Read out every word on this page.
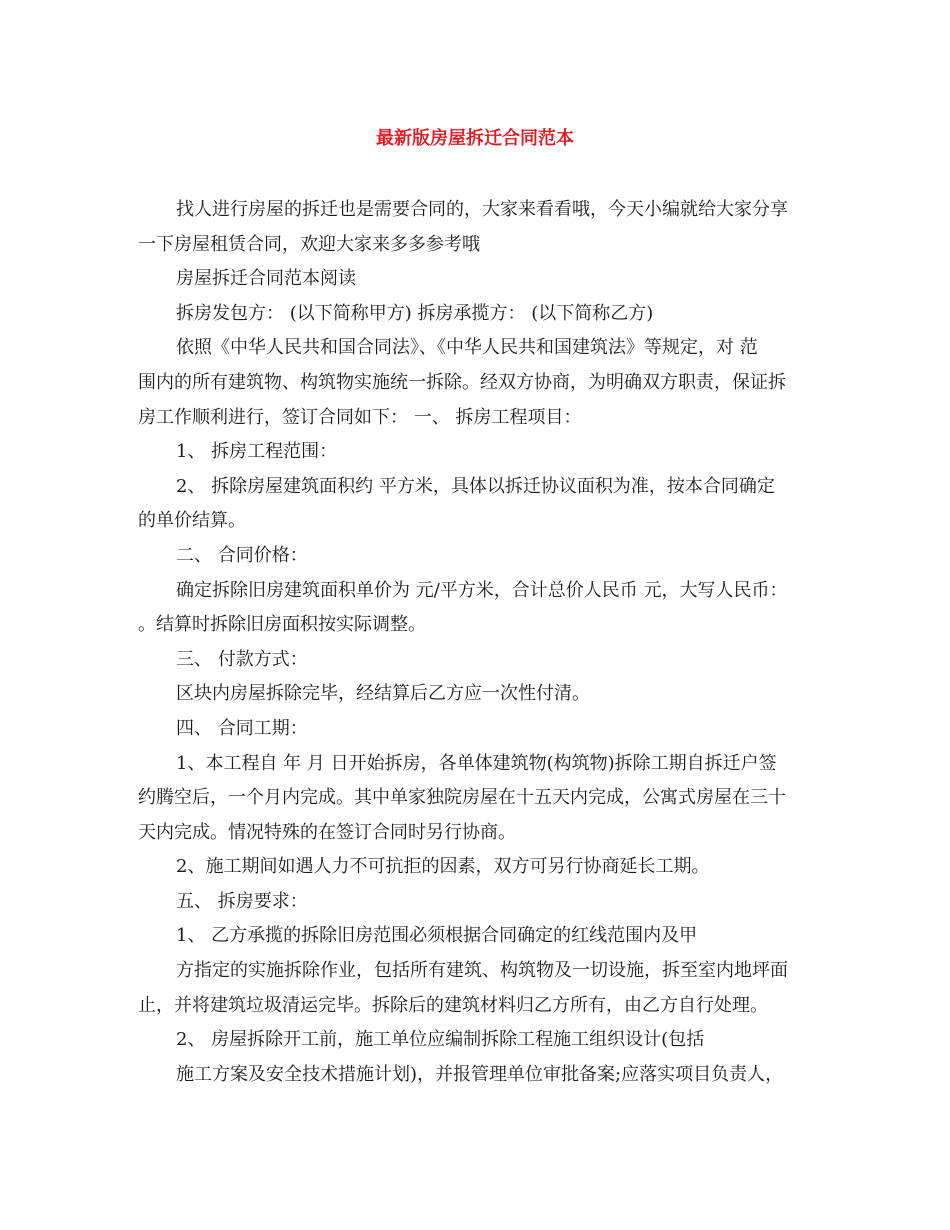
最新版房屋拆迁合同范本

找人进行房屋的拆迁也是需要合同的，大家来看看哦，今天小编就给大家分享

一下房屋租赁合同，欢迎大家来多多参考哦

房屋拆迁合同范本阅读

拆房发包方： (以下简称甲方) 拆房承揽方： (以下简称乙方)

依照《中华人民共和国合同法》、《中华人民共和国建筑法》等规定，对 范

围内的所有建筑物、构筑物实施统一拆除。经双方协商，为明确双方职责，保证拆

房工作顺利进行，签订合同如下： 一、 拆房工程项目：

1、 拆房工程范围：

2、 拆除房屋建筑面积约 平方米，具体以拆迁协议面积为准，按本合同确定

的单价结算。

二、 合同价格：

确定拆除旧房建筑面积单价为 元/平方米，合计总价人民币 元，大写人民币：

。结算时拆除旧房面积按实际调整。

三、 付款方式：

区块内房屋拆除完毕，经结算后乙方应一次性付清。

四、 合同工期：

1、本工程自 年 月 日开始拆房，各单体建筑物(构筑物)拆除工期自拆迁户签

约腾空后，一个月内完成。其中单家独院房屋在十五天内完成，公寓式房屋在三十

天内完成。情况特殊的在签订合同时另行协商。

2、施工期间如遇人力不可抗拒的因素，双方可另行协商延长工期。

五、 拆房要求：

1、 乙方承揽的拆除旧房范围必须根据合同确定的红线范围内及甲

方指定的实施拆除作业，包括所有建筑、构筑物及一切设施，拆至室内地坪面

止，并将建筑垃圾清运完毕。拆除后的建筑材料归乙方所有，由乙方自行处理。

2、 房屋拆除开工前，施工单位应编制拆除工程施工组织设计(包括

施工方案及安全技术措施计划)，并报管理单位审批备案;应落实项目负责人，
